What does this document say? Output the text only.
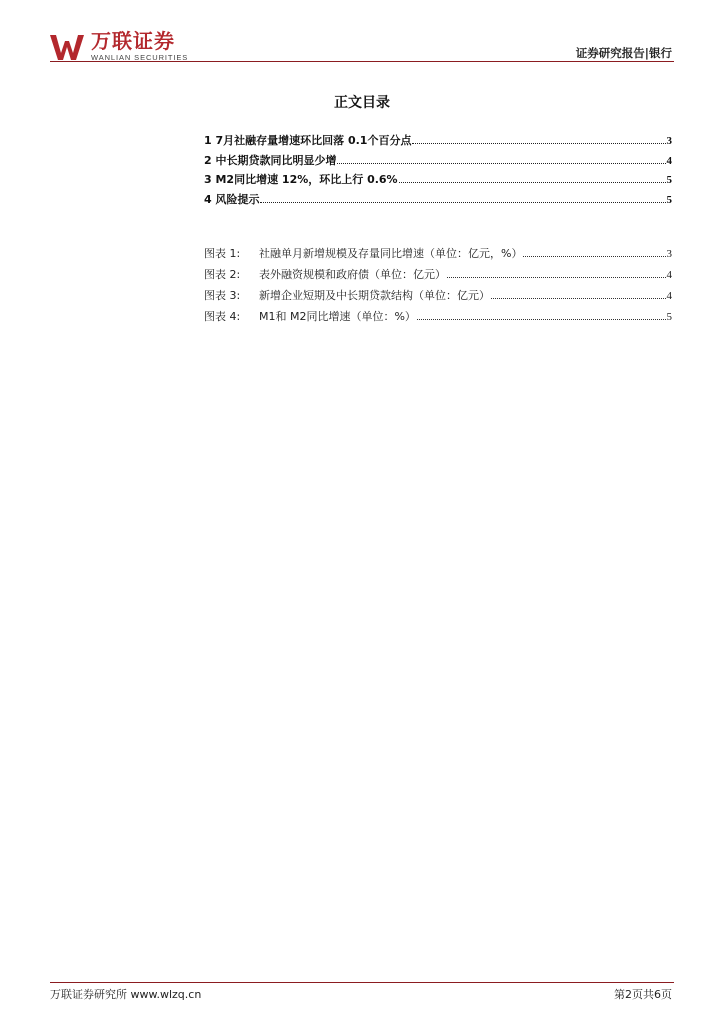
万联证券
WANLIAN SECURITIES	证券研究报告|银行
正文目录
1 7月社融存量增速环比回落 0.1个百分点	3
2 中长期贷款同比明显少增	4
3 M2同比增速 12%，环比上行 0.6%	5
4 风险提示	5
图表 1:	社融单月新增规模及存量同比增速（单位：亿元，%）	3
图表 2:	表外融资规模和政府债（单位：亿元）	4
图表 3:	新增企业短期及中长期贷款结构（单位：亿元）	4
图表 4:	M1和 M2同比增速（单位：%）	5
万联证券研究所 www.wlzq.cn	第2页共6页
